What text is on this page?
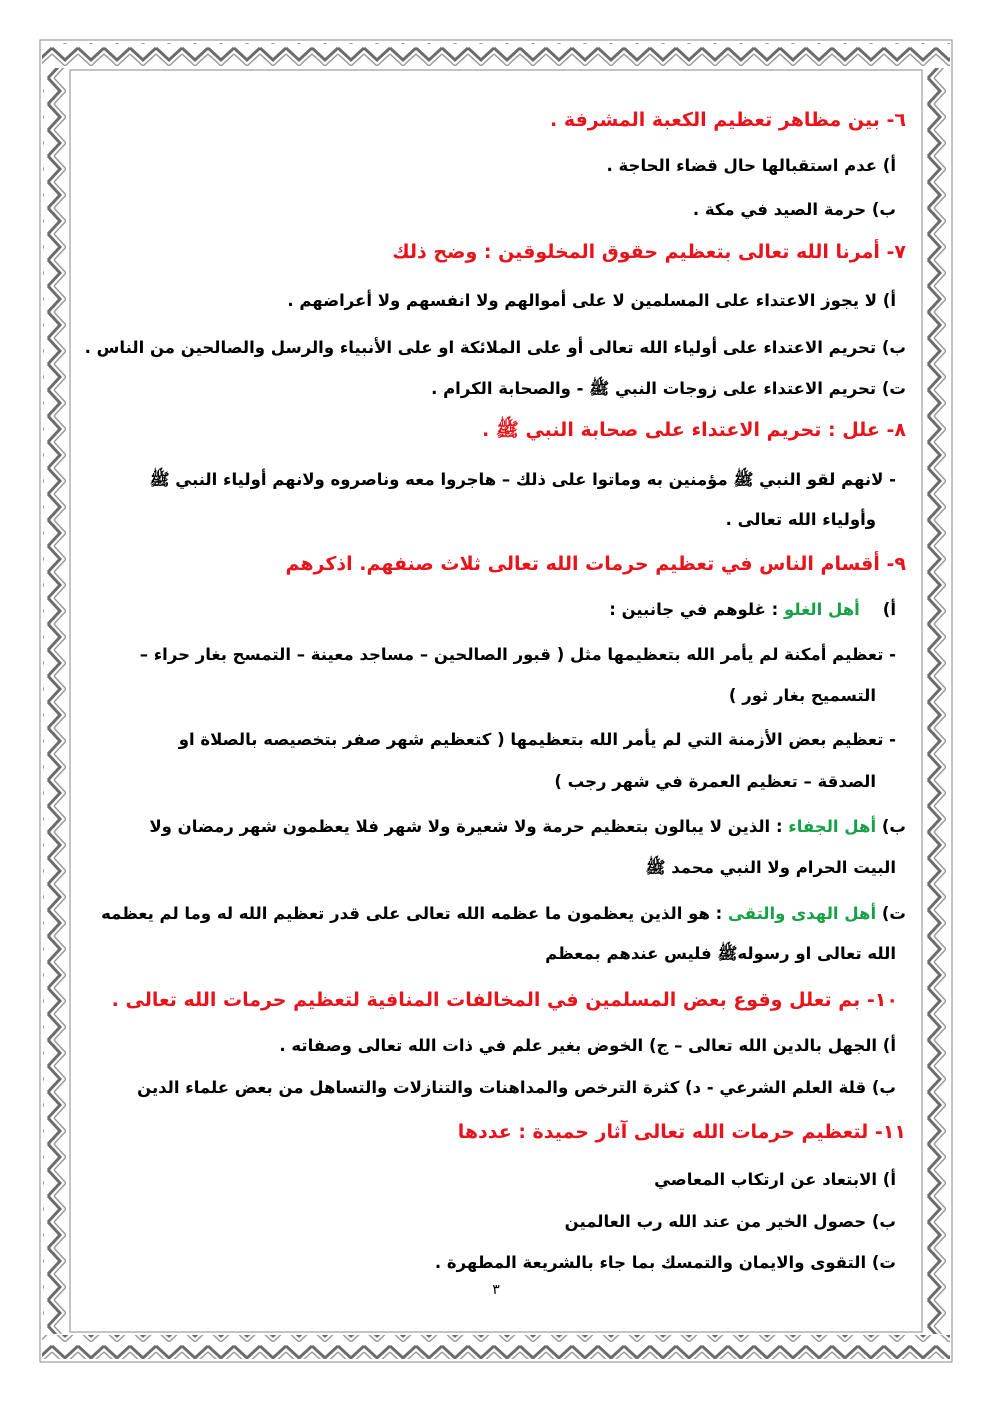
٦- بين مظاهر تعظيم الكعبة المشرفة .
أ) عدم استقبالها حال قضاء الحاجة .
ب) حرمة الصيد في مكة .
٧- أمرنا الله تعالى بتعظيم حقوق المخلوقين : وضح ذلك
أ) لا يجوز الاعتداء على المسلمين لا على أموالهم ولا انفسهم ولا أعراضهم .
ب) تحريم الاعتداء على أولياء الله تعالى أو على الملائكة او على الأنبياء والرسل والصالحين من الناس .
ت) تحريم الاعتداء على زوجات النبي ﷺ - والصحابة الكرام .
٨- علل : تحريم الاعتداء على صحابة النبي ﷺ .
- لانهم لقو النبي ﷺ مؤمنين به وماتوا على ذلك – هاجروا معه وناصروه ولانهم أولياء النبي ﷺ
وأولياء الله تعالى .
٩- أقسام الناس في تعظيم حرمات الله تعالى ثلاث صنفهم. اذكرهم
أ)    أهل الغلو : غلوهم في جانبين :
- تعظيم أمكنة لم يأمر الله بتعظيمها مثل ( قبور الصالحين – مساجد معينة – التمسح بغار حراء –
التسميح بغار ثور )
- تعظيم بعض الأزمنة التي لم يأمر الله بتعظيمها ( كتعظيم شهر صفر بتخصيصه بالصلاة او
الصدقة – تعظيم العمرة في شهر رجب )
ب) أهل الجفاء : الذين لا يبالون بتعظيم حرمة ولا شعيرة ولا شهر فلا يعظمون شهر رمضان ولا
البيت الحرام ولا النبي محمد ﷺ
ت) أهل الهدى والتقى : هو الذين يعظمون ما عظمه الله تعالى على قدر تعظيم الله له وما لم يعظمه
الله تعالى او رسولهﷺ فليس عندهم بمعظم
١٠- بم تعلل وقوع بعض المسلمين في المخالفات المنافية لتعظيم حرمات الله تعالى .
أ) الجهل بالدين الله تعالى – ج) الخوض بغير علم في ذات الله تعالى وصفاته .
ب) قلة العلم الشرعي - د) كثرة الترخص والمداهنات والتنازلات والتساهل من بعض علماء الدين
١١- لتعظيم حرمات الله تعالى آثار حميدة : عددها
أ) الابتعاد عن ارتكاب المعاصي
ب) حصول الخير من عند الله رب العالمين
ت) التقوى والايمان والتمسك بما جاء بالشريعة المطهرة .
٣
